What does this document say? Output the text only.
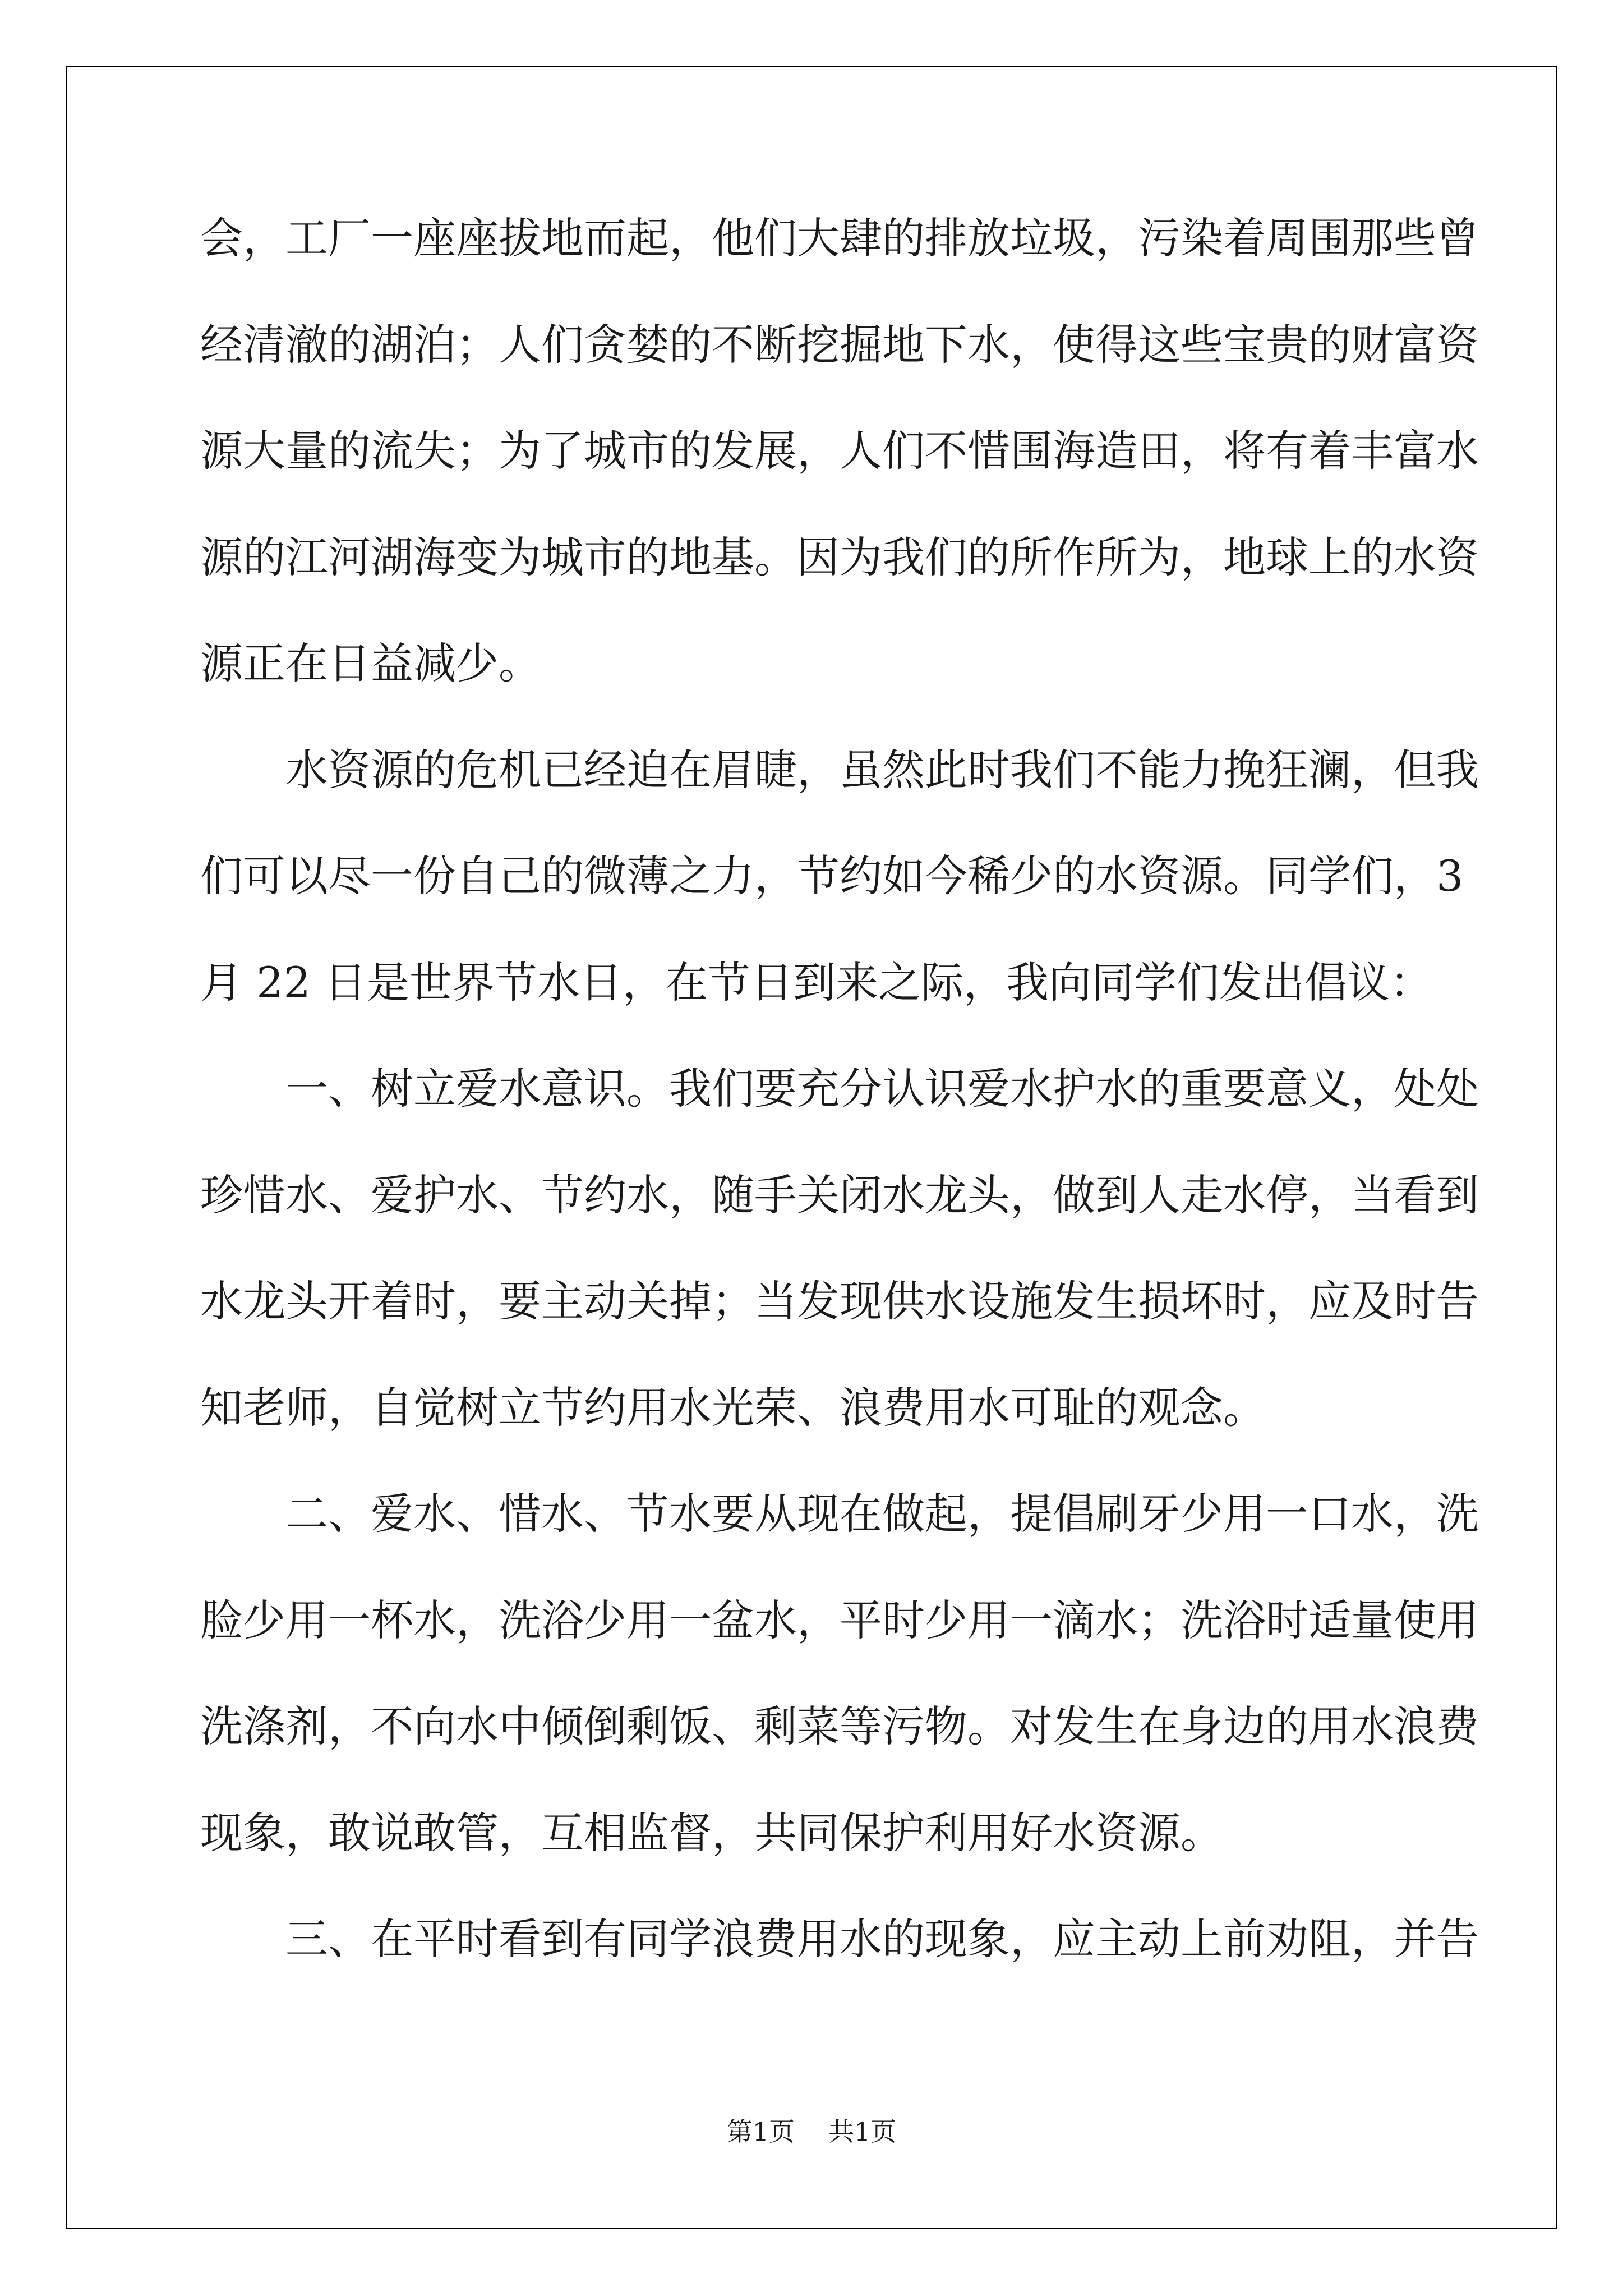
会，工厂一座座拔地而起，他们大肆的排放垃圾，污染着周围那些曾
经清澈的湖泊；人们贪婪的不断挖掘地下水，使得这些宝贵的财富资
源大量的流失；为了城市的发展，人们不惜围海造田，将有着丰富水
源的江河湖海变为城市的地基。因为我们的所作所为，地球上的水资
源正在日益减少。
水资源的危机已经迫在眉睫，虽然此时我们不能力挽狂澜，但我
们可以尽一份自己的微薄之力，节约如今稀少的水资源。同学们，3
月 22 日是世界节水日，在节日到来之际，我向同学们发出倡议：
一、树立爱水意识。我们要充分认识爱水护水的重要意义，处处
珍惜水、爱护水、节约水，随手关闭水龙头，做到人走水停，当看到
水龙头开着时，要主动关掉；当发现供水设施发生损坏时，应及时告
知老师，自觉树立节约用水光荣、浪费用水可耻的观念。
二、爱水、惜水、节水要从现在做起，提倡刷牙少用一口水，洗
脸少用一杯水，洗浴少用一盆水，平时少用一滴水；洗浴时适量使用
洗涤剂，不向水中倾倒剩饭、剩菜等污物。对发生在身边的用水浪费
现象，敢说敢管，互相监督，共同保护利用好水资源。
三、在平时看到有同学浪费用水的现象，应主动上前劝阻，并告
第1页 共1页
